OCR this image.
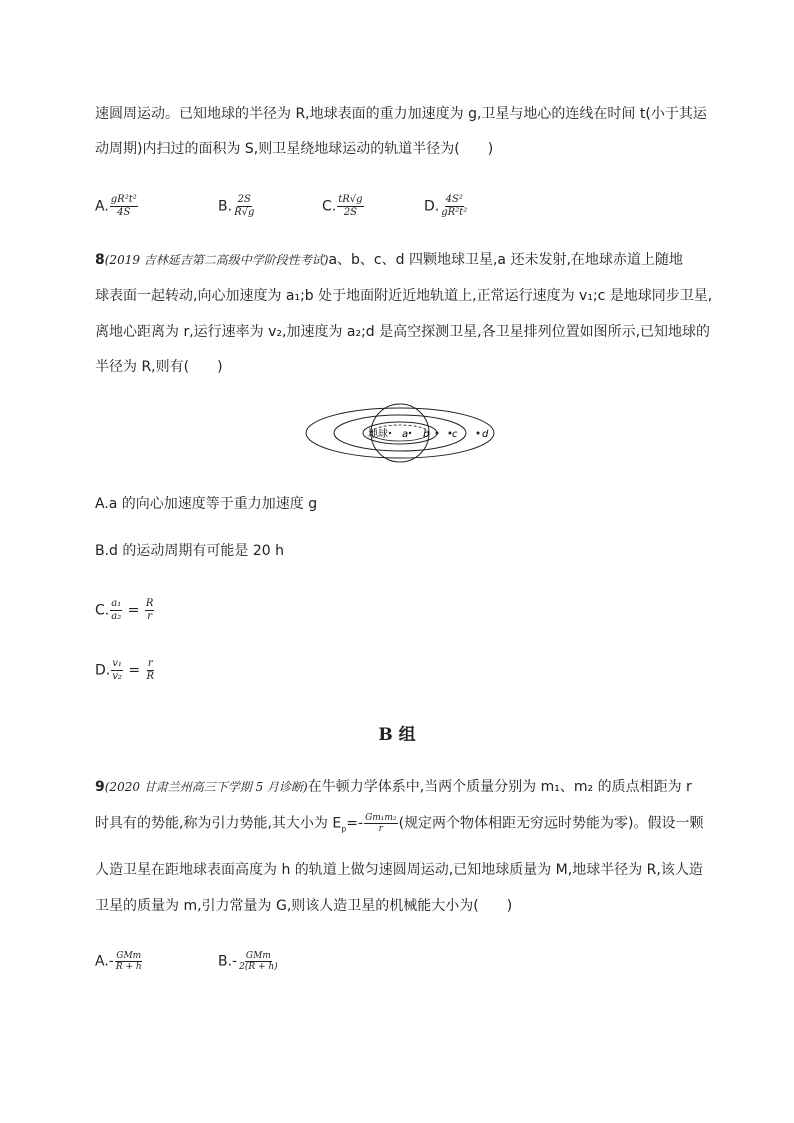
速圆周运动。已知地球的半径为 R,地球表面的重力加速度为 g,卫星与地心的连线在时间 t(小于其运
动周期)内扫过的面积为 S,则卫星绕地球运动的轨道半径为(　　)
A. $\frac{\text{gR²t²}}{4S}$	B. $\frac{2S}{R√g}$	C. $\frac{tR√g}{2S}$	D. $\frac{\text{4S²}}{\text{gR²t²}}$
8(2019 吉林延吉第二高级中学阶段性考试)a、b、c、d 四颗地球卫星,a 还未发射,在地球赤道上随地
球表面一起转动,向心加速度为 a₁;b 处于地面附近近地轨道上,正常运行速度为 v₁;c 是地球同步卫星,
离地心距离为 r,运行速率为 v₂,加速度为 a₂;d 是高空探测卫星,各卫星排列位置如图所示,已知地球的
半径为 R,则有(　　)
地球 a b c d
A.a 的向心加速度等于重力加速度 g
B.d 的运动周期有可能是 20 h
C. $\frac{\text{a₁}}{\text{a₂}} = \frac{R}{r}$
D. $\frac{\text{v₁}}{\text{v₂}} = \frac{r}{R}$
B 组
9(2020 甘肃兰州高三下学期 5 月诊断)在牛顿力学体系中,当两个质量分别为 m₁、m₂ 的质点相距为 r
时具有的势能,称为引力势能,其大小为 $E_p=- \frac{\text{Gm₁m₂}}{r}$ (规定两个物体相距无穷远时势能为零)。假设一颗
人造卫星在距地球表面高度为 h 的轨道上做匀速圆周运动,已知地球质量为 M,地球半径为 R,该人造
卫星的质量为 m,引力常量为 G,则该人造卫星的机械能大小为(　　)
$A.- \frac{\text{GMm}}{R + h}$	$B.- \frac{\text{GMm}}{2(R + h)}$
